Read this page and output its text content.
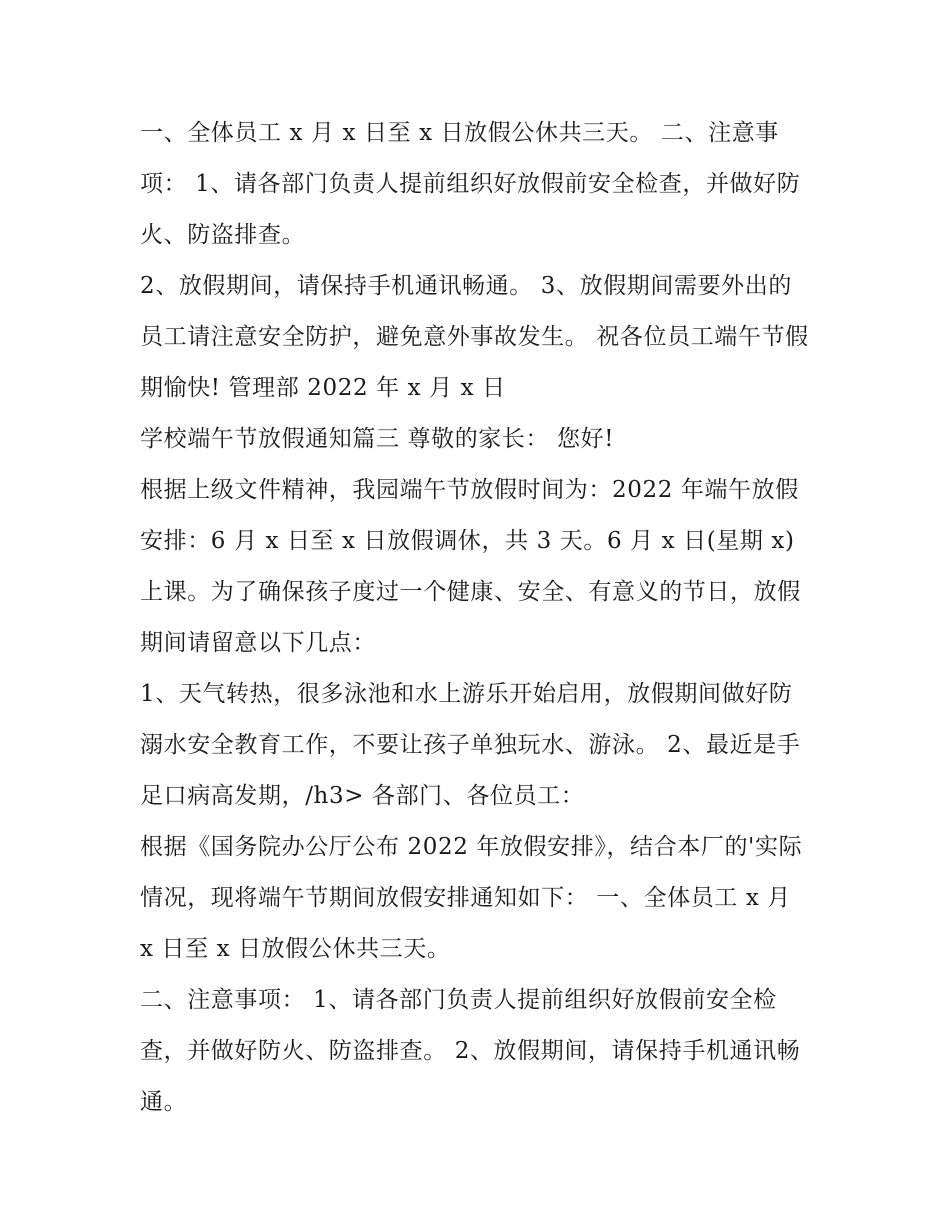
一、全体员工 x 月 x 日至 x 日放假公休共三天。 二、注意事项： 1、请各部门负责人提前组织好放假前安全检查，并做好防火、防盗排查。

2、放假期间，请保持手机通讯畅通。 3、放假期间需要外出的员工请注意安全防护，避免意外事故发生。 祝各位员工端午节假期愉快! 管理部 2022 年 x 月 x 日

学校端午节放假通知篇三 尊敬的家长： 您好!

根据上级文件精神，我园端午节放假时间为：2022 年端午放假安排：6 月 x 日至 x 日放假调休，共 3 天。6 月 x 日(星期 x)上课。为了确保孩子度过一个健康、安全、有意义的节日，放假期间请留意以下几点：

1、天气转热，很多泳池和水上游乐开始启用，放假期间做好防溺水安全教育工作，不要让孩子单独玩水、游泳。 2、最近是手足口病高发期，/h3> 各部门、各位员工：

根据《国务院办公厅公布 2022 年放假安排》，结合本厂的'实际情况，现将端午节期间放假安排通知如下： 一、全体员工 x 月 x 日至 x 日放假公休共三天。

二、注意事项： 1、请各部门负责人提前组织好放假前安全检查，并做好防火、防盗排查。 2、放假期间，请保持手机通讯畅通。
